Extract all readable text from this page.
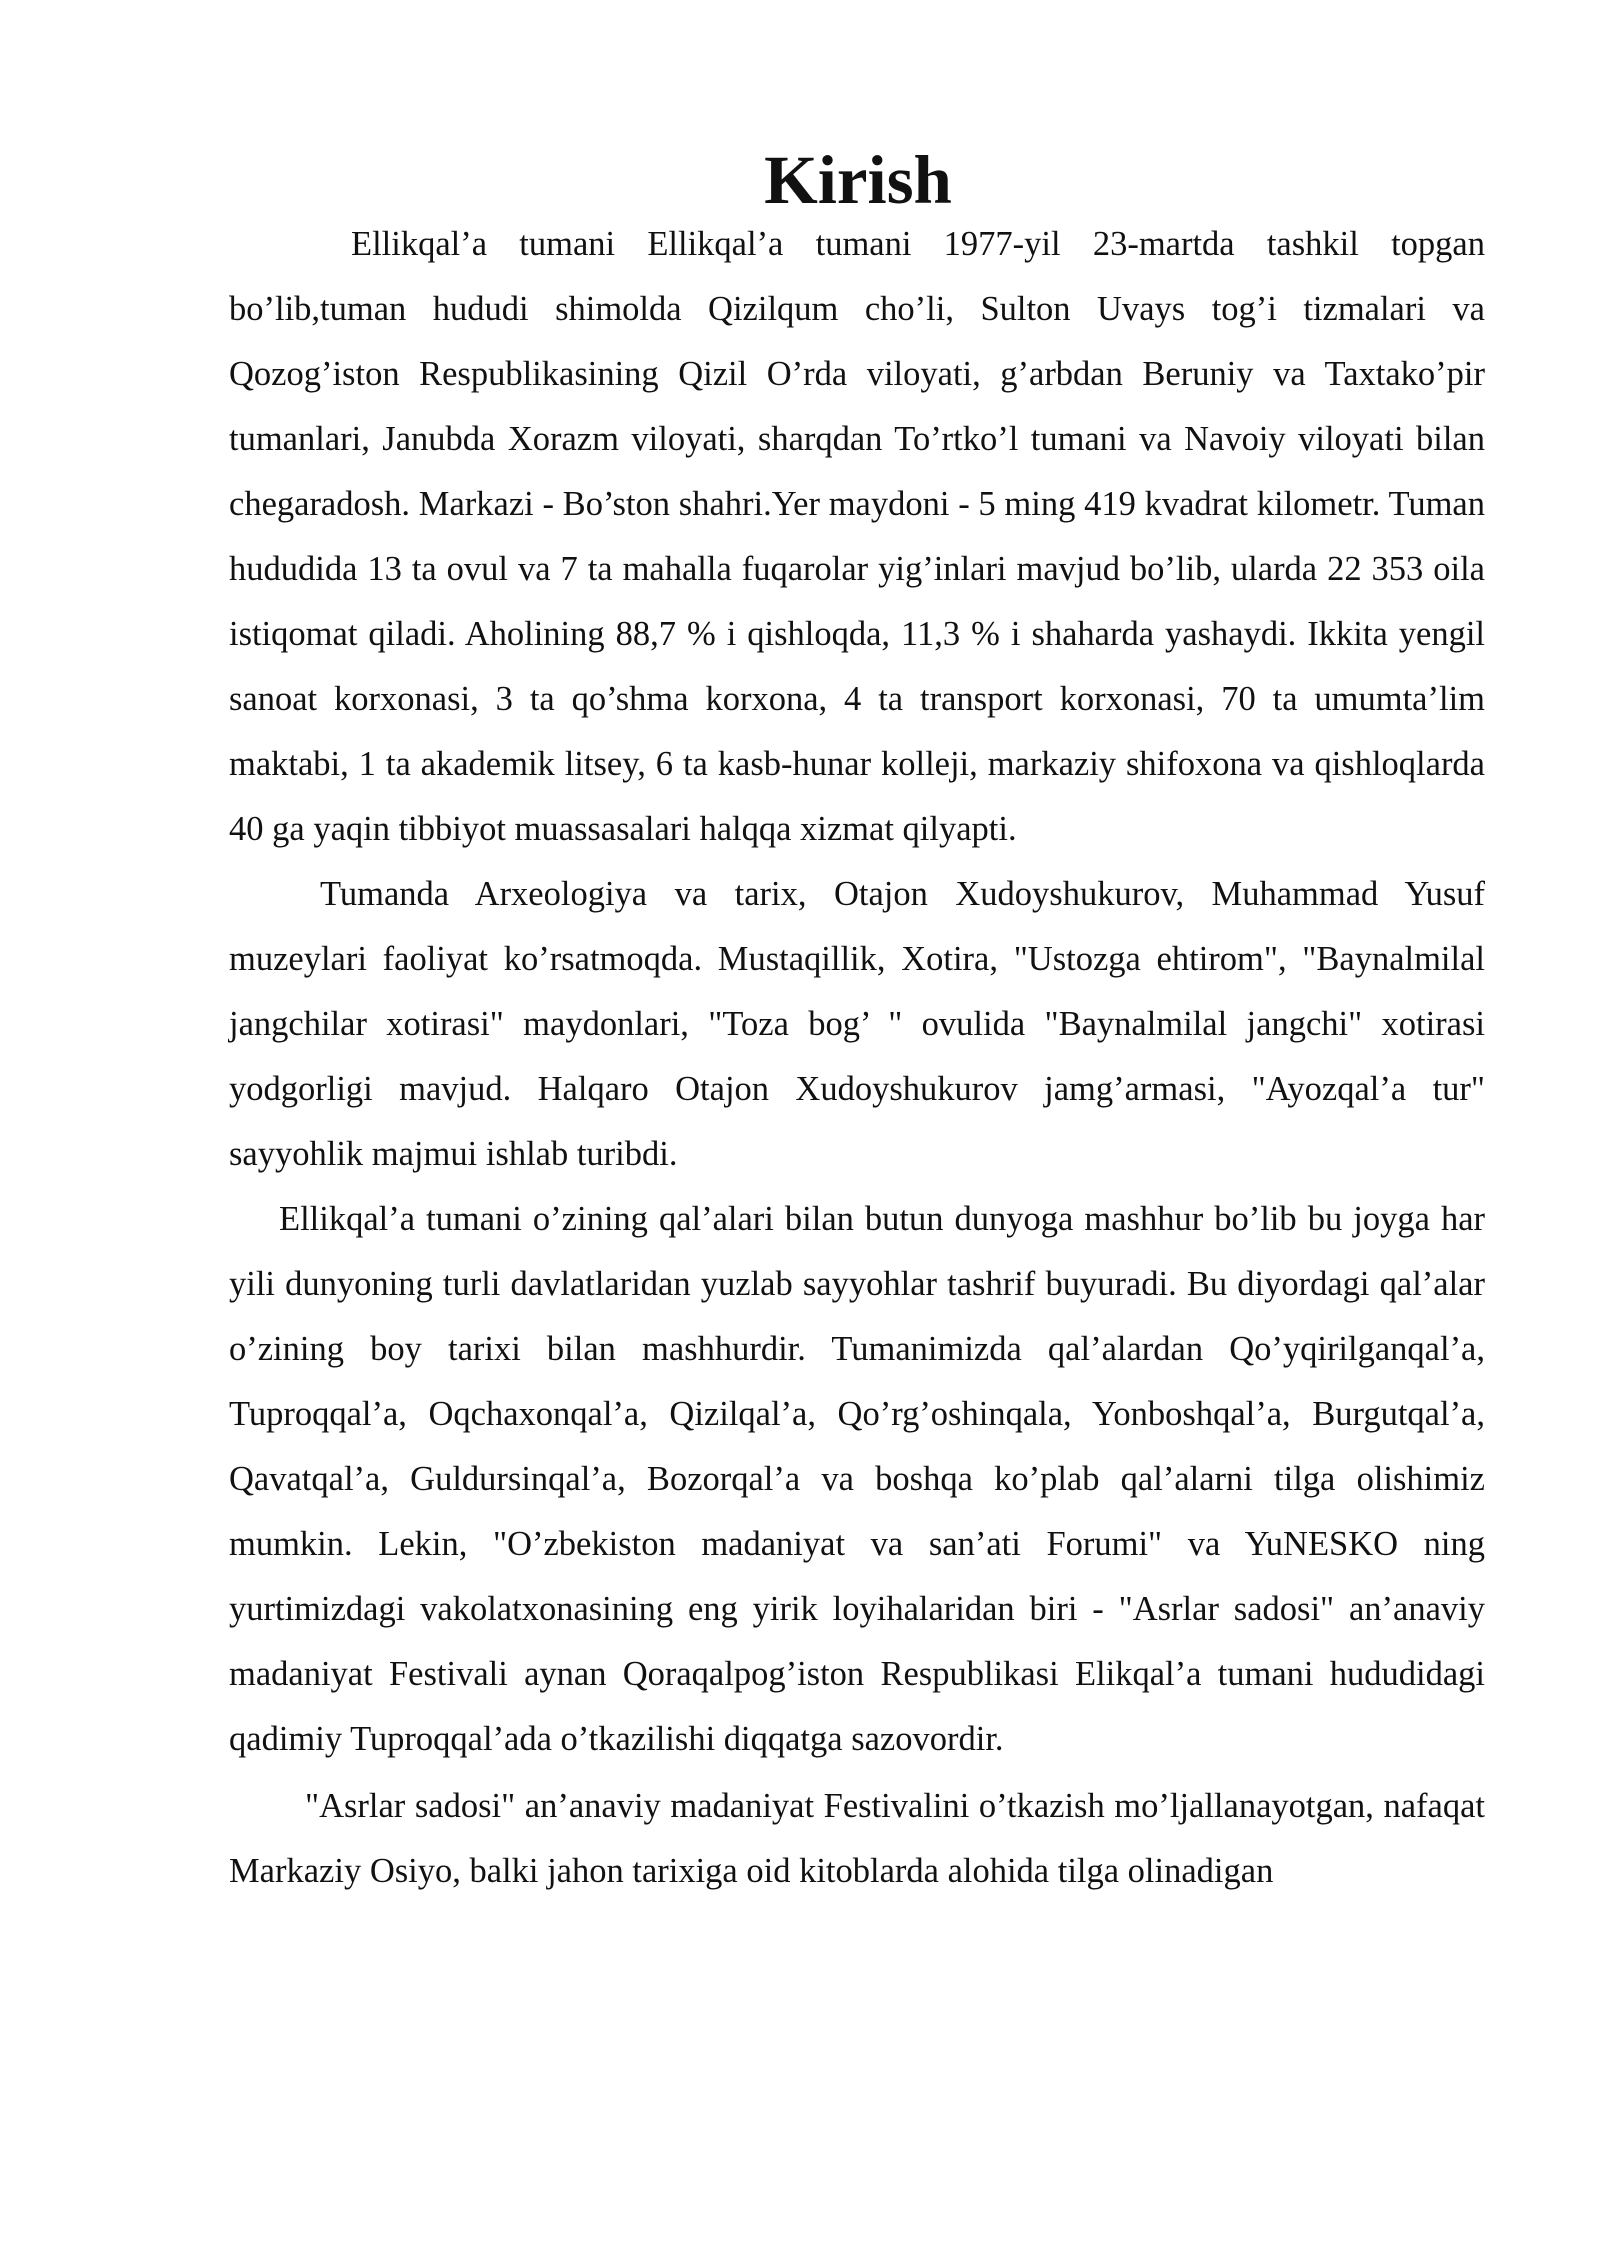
Kirish

Ellikqal’a tumani Ellikqal’a tumani 1977-yil 23-martda tashkil topgan bo’lib,tuman hududi shimolda Qizilqum cho’li, Sulton Uvays tog’i tizmalari va Qozog’iston Respublikasining Qizil O’rda viloyati, g’arbdan Beruniy va Taxtako’pir tumanlari, Janubda Xorazm viloyati, sharqdan To’rtko’l tumani va Navoiy viloyati bilan chegaradosh. Markazi - Bo’ston shahri.Yer maydoni - 5 ming 419 kvadrat kilometr. Tuman hududida 13 ta ovul va 7 ta mahalla fuqarolar yig’inlari mavjud bo’lib, ularda 22 353 oila istiqomat qiladi. Aholining 88,7 % i qishloqda, 11,3 % i shaharda yashaydi. Ikkita yengil sanoat korxonasi, 3 ta qo’shma korxona, 4 ta transport korxonasi, 70 ta umumta’lim maktabi, 1 ta akademik litsey, 6 ta kasb-hunar kolleji, markaziy shifoxona va qishloqlarda 40 ga yaqin tibbiyot muassasalari halqqa xizmat qilyapti.

Tumanda Arxeologiya va tarix, Otajon Xudoyshukurov, Muhammad Yusuf muzeylari faoliyat ko’rsatmoqda. Mustaqillik, Xotira, "Ustozga ehtirom", "Baynalmilal jangchilar xotirasi" maydonlari, "Toza bog’ " ovulida "Baynalmilal jangchi" xotirasi yodgorligi mavjud. Halqaro Otajon Xudoyshukurov jamg’armasi, "Ayozqal’a tur" sayyohlik majmui ishlab turibdi.

Ellikqal’a tumani o’zining qal’alari bilan butun dunyoga mashhur bo’lib bu joyga har yili dunyoning turli davlatlaridan yuzlab sayyohlar tashrif buyuradi. Bu diyordagi qal’alar o’zining boy tarixi bilan mashhurdir. Tumanimizda qal’alardan Qo’yqirilganqal’a, Tuproqqal’a, Oqchaxonqal’a, Qizilqal’a, Qo’rg’oshinqala, Yonboshqal’a, Burgutqal’a, Qavatqal’a, Guldursinqal’a, Bozorqal’a va boshqa ko’plab qal’alarni tilga olishimiz mumkin. Lekin, "O’zbekiston madaniyat va san’ati Forumi" va YuNESKO ning yurtimizdagi vakolatxonasining eng yirik loyihalaridan biri - "Asrlar sadosi" an’anaviy madaniyat Festivali aynan Qoraqalpog’iston Respublikasi Elikqal’a tumani hududidagi qadimiy Tuproqqal’ada o’tkazilishi diqqatga sazovordir.

"Asrlar sadosi" an’anaviy madaniyat Festivalini o’tkazish mo’ljallanayotgan, nafaqat Markaziy Osiyo, balki jahon tarixiga oid kitoblarda alohida tilga olinadigan
